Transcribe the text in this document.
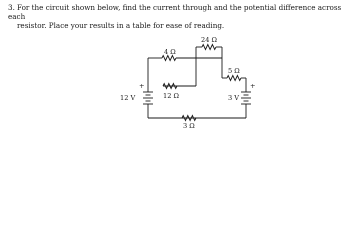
3. For the circuit shown below, find the current through and the potential difference across each
resistor. Place your results in a table for ease of reading.
+
12 V
4 Ω
24 Ω
5 Ω
+
3 V
12 Ω
3 Ω
